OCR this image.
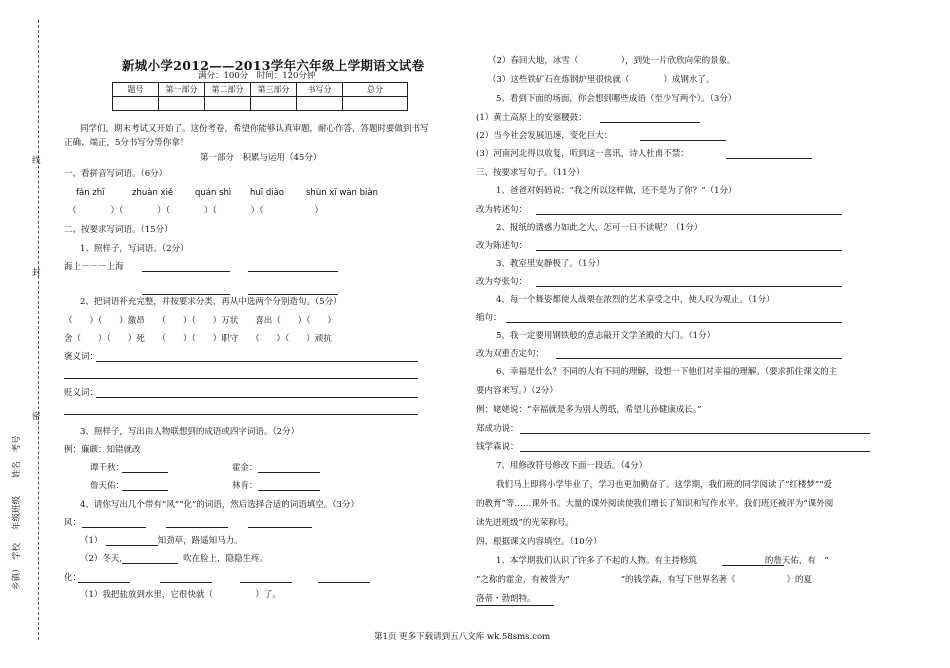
线
封
密
姓名　考号
年级班级
学校
乡镇）
新城小学2012——2013学年六年级上学期语文试卷
满分：100分　时间：120分钟
题号	第一部分	第二部分	第三部分	书写分	总分

同学们，期末考试又开始了。这份考卷，希望你能够认真审题，耐心作答，答题时要做到书写
正确、端正，5分书写分等你拿！
第一部分　积累与运用（45分）
一、看拼音写词语。（6分）
fán zhī	zhuàn xiě	quán shì huī diào	shùn xī wàn biàn
（　　　　）（　　　　）（　　　　）（　　　　）（　　　　　　）
二、按要求写词语。（15分）
1、照样子，写词语。（2分）
海上－－－上海
2、把词语补充完整，并按要求分类，再从中选两个分别造句。（5分）
（　　）（　　）激昂　　（　　）（　　）万状　　喜出（　　）（　　）
舍（　　）（　　）死　　（　　）（　　）职守　　（　　）（　　）顽抗
褒义词：
贬义词：
3、照样子，写出由人物联想到的成语或四字词语。（2分）
例：廉颇：知错就改
谭千秋：	霍金：
詹天佑：	林肯：
4、请你写出几个带有“风”“化”的词语，然后选择合适的词语填空。（3分）
风：
（1）　　　　　　　知劲草，路遥知马力。
（2）冬天，　　　　　　　吹在脸上，隐隐生疼。
化：
（1）我把盐放到水里，它很快就（　　　　　）了。
（2）春回大地，冰雪（　　　　　），到处一片欣欣向荣的景象。
（3）这些铁矿石在炼钢炉里很快就（　　　　）成钢水了。
5、看到下面的场面，你会想到哪些成语（至少写两个）。（3分）
(1）黄土高原上的安塞腰鼓：
(2）当今社会发展迅速，变化巨大：
(3）河南河北得以收复，听到这一喜讯，诗人杜甫不禁：
三、按要求写句子。（11分）
1、爸爸对妈妈说：“我之所以这样做，还不是为了你？”（1分）
改为转述句：
2、报纸的诱惑力如此之大，怎可一日不读呢？（1分）
改为陈述句：
3、教室里安静极了。（1分）
改为夸张句：
4、每一个舞姿都使人战栗在浓烈的艺术享受之中，使人叹为观止。（1分）
缩句：
5、我一定要用钢铁般的意志敲开文学圣殿的大门。（1分）
改为双重否定句：
6、幸福是什么？不同的人有不同的理解，设想一下他们对幸福的理解。（要求抓住课文的主
要内容来写。）（2分）
例：姥姥说：“幸福就是多为别人剪纸，希望儿孙健康成长。”
郑成功说：
钱学森说：
7、用修改符号修改下面一段话。（4分）
我们马上即将小学毕业了，学习也更加勤奋了。这学期，我们班的同学阅读了“红楼梦”“爱
的教育”等……课外书。大量的课外阅读使我们增长了知识和写作水平。我们班还被评为“课外阅
读先进班级”的光荣称号。
四、根据课文内容填空。（10分）
1、本学期我们认识了许多了不起的人物。有主持修筑　　　　　　　　的詹天佑，有　“
”之称的霍金，有被誉为“　　　　　　”的钱学森，有写下世界名著《　　　　　　》的夏
洛蒂・勃朗特。
第1页 更多下载请到五八文库 wk.58sms.com
